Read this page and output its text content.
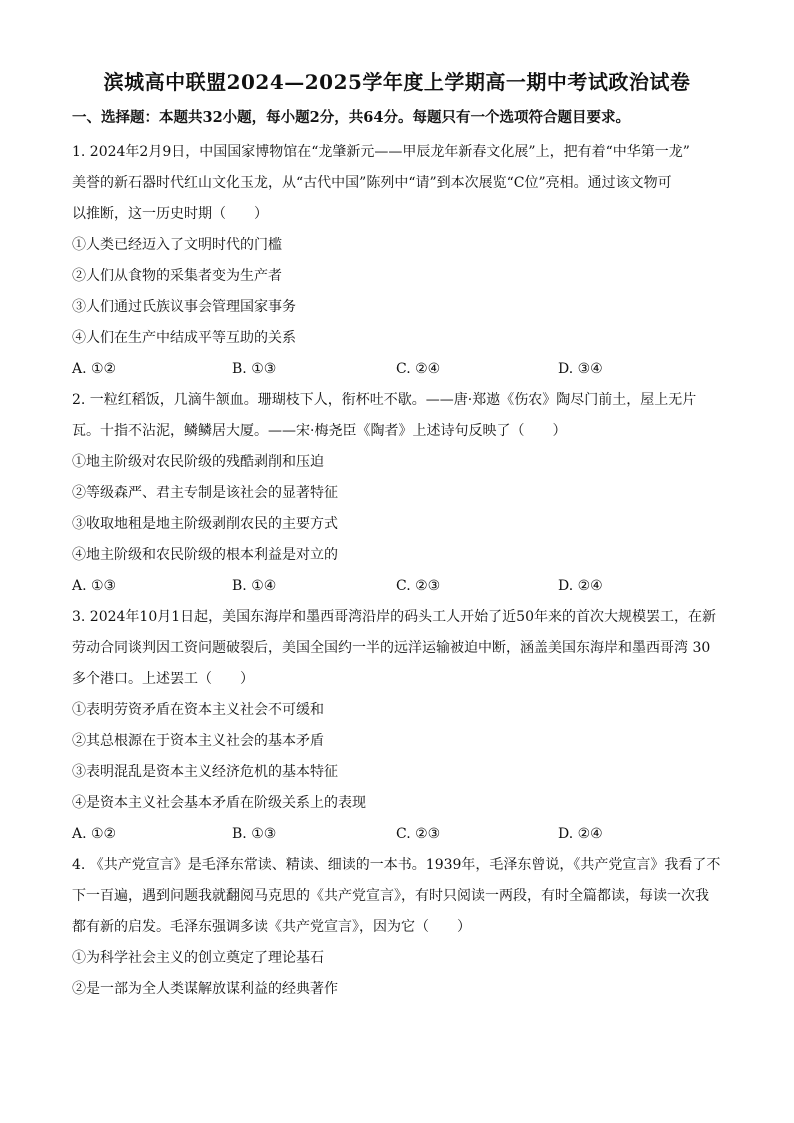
滨城高中联盟2024—2025学年度上学期高一期中考试政治试卷
一、选择题：本题共32小题，每小题2分，共64分。每题只有一个选项符合题目要求。
1. 2024年2月9日，中国国家博物馆在“龙肇新元——甲辰龙年新春文化展”上，把有着“中华第一龙”
美誉的新石器时代红山文化玉龙，从“古代中国”陈列中“请”到本次展览“C位”亮相。通过该文物可
以推断，这一历史时期（　　）
①人类已经迈入了文明时代的门槛
②人们从食物的采集者变为生产者
③人们通过氏族议事会管理国家事务
④人们在生产中结成平等互助的关系
A. ①②	B. ①③	C. ②④	D. ③④
2. 一粒红稻饭，几滴牛颔血。珊瑚枝下人，衔杯吐不歇。——唐·郑遨《伤农》陶尽门前土，屋上无片
瓦。十指不沾泥，鳞鳞居大厦。——宋·梅尧臣《陶者》上述诗句反映了（　　）
①地主阶级对农民阶级的残酷剥削和压迫
②等级森严、君主专制是该社会的显著特征
③收取地租是地主阶级剥削农民的主要方式
④地主阶级和农民阶级的根本利益是对立的
A. ①③	B. ①④	C. ②③	D. ②④
3. 2024年10月1日起，美国东海岸和墨西哥湾沿岸的码头工人开始了近50年来的首次大规模罢工，在新
劳动合同谈判因工资问题破裂后，美国全国约一半的远洋运输被迫中断，涵盖美国东海岸和墨西哥湾 30
多个港口。上述罢工（　　）
①表明劳资矛盾在资本主义社会不可缓和
②其总根源在于资本主义社会的基本矛盾
③表明混乱是资本主义经济危机的基本特征
④是资本主义社会基本矛盾在阶级关系上的表现
A. ①②	B. ①③	C. ②③	D. ②④
4. 《共产党宣言》是毛泽东常读、精读、细读的一本书。1939年，毛泽东曾说，《共产党宣言》我看了不
下一百遍，遇到问题我就翻阅马克思的《共产党宣言》，有时只阅读一两段，有时全篇都读，每读一次我
都有新的启发。毛泽东强调多读《共产党宣言》，因为它（　　）
①为科学社会主义的创立奠定了理论基石
②是一部为全人类谋解放谋利益的经典著作
